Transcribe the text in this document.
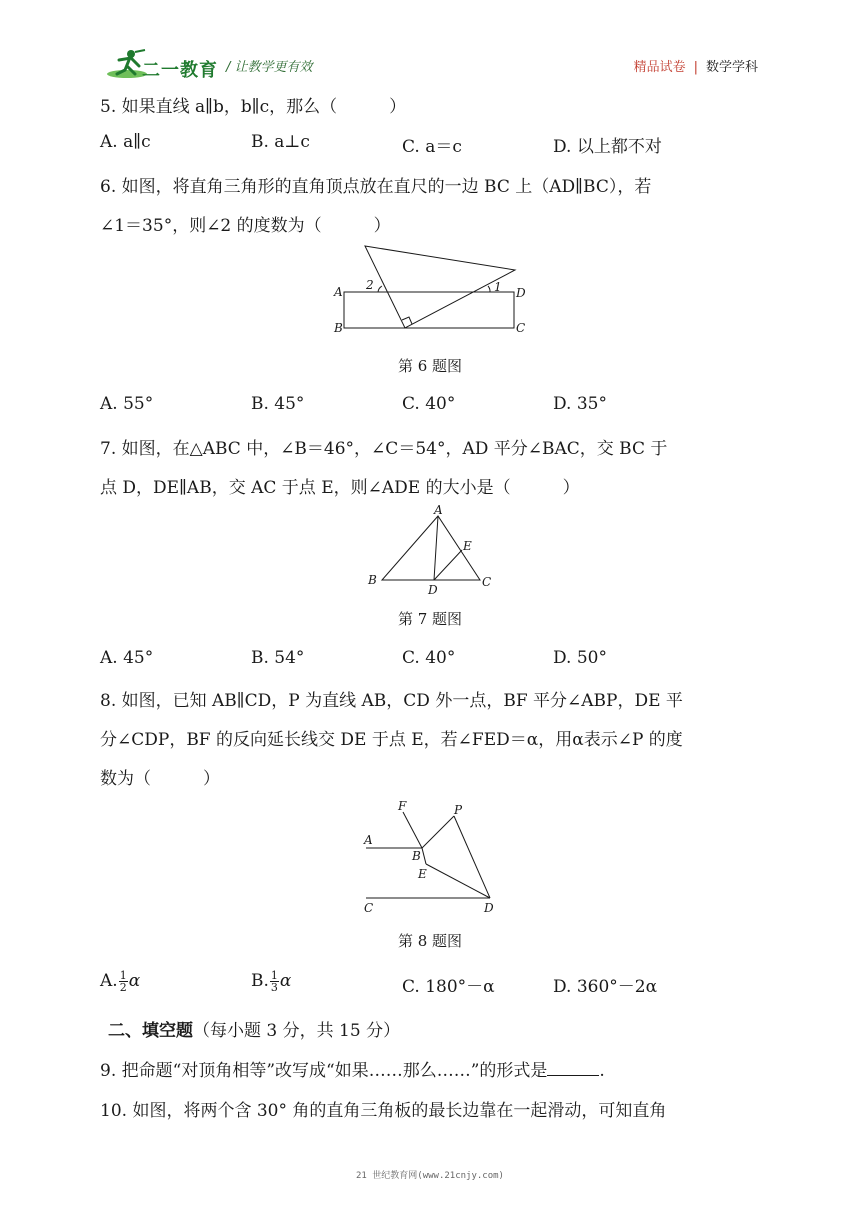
二一教育 / 让教学更有效	精品试卷 | 数学学科
5. 如果直线 a∥b，b∥c，那么（	）
A. a∥c	B. a⊥c	C. a＝c	D. 以上都不对
6. 如图，将直角三角形的直角顶点放在直尺的一边 BC 上（AD∥BC），若
∠1＝35°，则∠2 的度数为（	）
A
B	C
D
2	1
第 6 题图
A. 55°	B. 45°	C. 40°	D. 35°
7. 如图，在△ABC 中，∠B＝46°，∠C＝54°，AD 平分∠BAC，交 BC 于
点 D，DE∥AB，交 AC 于点 E，则∠ADE 的大小是（	）
A
B	C
D
E
第 7 题图
A. 45°	B. 54°	C. 40°	D. 50°
8. 如图，已知 AB∥CD，P 为直线 AB，CD 外一点，BF 平分∠ABP，DE 平
分∠CDP，BF 的反向延长线交 DE 于点 E，若∠FED＝α，用α表示∠P 的度
数为（	）
F	P
A
B
E
C	D
第 8 题图
A. $\frac{1}{2}$ α	B. $\frac{1}{3}$ α	C. 180°－α	D. 360°－2α
二、填空题（每小题 3 分，共 15 分）
9. 把命题“对顶角相等”改写成“如果……那么……”的形式是	.
10. 如图，将两个含 30° 角的直角三角板的最长边靠在一起滑动，可知直角
21 世纪教育网(www.21cnjy.com)
